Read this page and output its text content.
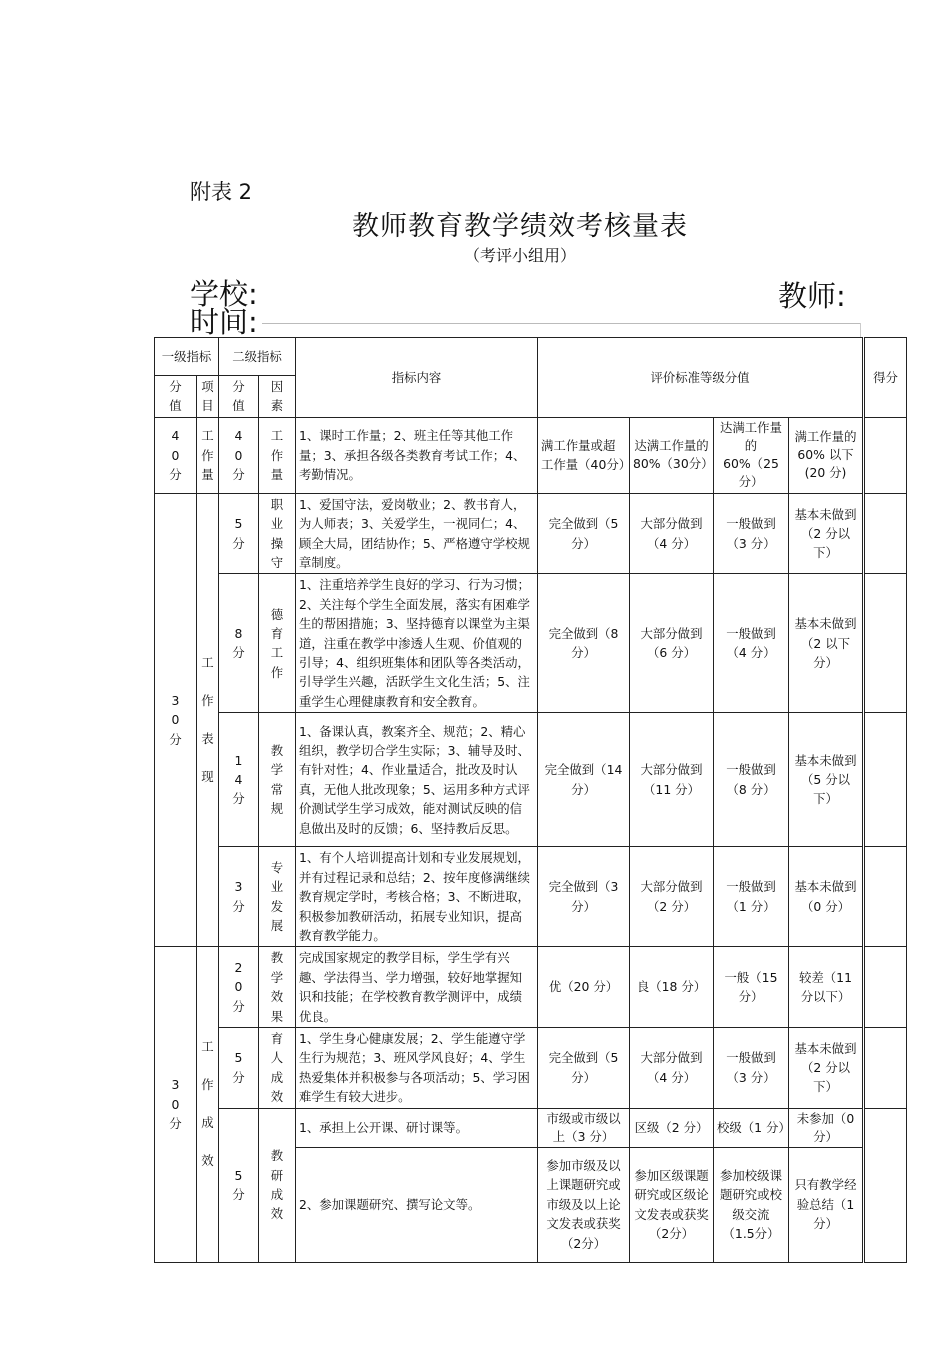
附表 2
教师教育教学绩效考核量表
（考评小组用）
学校:	教师:
时间:
一级指标		二级指标		指标内容	评价标准等级分值				得分
分值	项目	分值	因素						
40分	工作量	40分	工作量	1、课时工作量；2、班主任等其他工作量；3、承担各级各类教育考试工作；4、考勤情况。	满工作量或超工作量（40分）	达满工作量的80%（30分）	达满工作量的60%（25 分）	满工作量的60% 以下(20 分)	
30分	工作表现	5分	职业操守	1、爱国守法，爱岗敬业；2、教书育人，为人师表；3、关爱学生，一视同仁；4、顾全大局，团结协作；5、严格遵守学校规章制度。	完全做到（5 分）	大部分做到（4 分）	一般做到（3 分）	基本未做到（2 分以下）	
		8分	德育工作	1、注重培养学生良好的学习、行为习惯；2、关注每个学生全面发展，落实有困难学生的帮困措施；3、坚持德育以课堂为主渠道，注重在教学中渗透人生观、价值观的引导；4、组织班集体和团队等各类活动，引导学生兴趣，活跃学生文化生活；5、注重学生心理健康教育和安全教育。	完全做到（8 分）	大部分做到（6 分）	一般做到（4 分）	基本未做到（2 以下分）	
		14分	教学常规	1、备课认真，教案齐全、规范；2、精心组织，教学切合学生实际；3、辅导及时、有针对性；4、作业量适合，批改及时认真，无他人批改现象；5、运用多种方式评价测试学生学习成效，能对测试反映的信息做出及时的反馈；6、坚持教后反思。	完全做到（14 分）	大部分做到（11 分）	一般做到（8 分）	基本未做到（5 分以下）	
		3分	专业发展	1、有个人培训提高计划和专业发展规划，并有过程记录和总结；2、按年度修满继续教育规定学时，考核合格；3、不断进取，积极参加教研活动，拓展专业知识，提高教育教学能力。	完全做到（3 分）	大部分做到（2 分）	一般做到（1 分）	基本未做到（0 分）	
30分	工作成效	20分	教学效果	完成国家规定的教学目标，学生学有兴趣、学法得当、学力增强，较好地掌握知识和技能；在学校教育教学测评中，成绩优良。	优（20 分）	良（18 分）	一般（15 分）	较差（11 分以下）	
		5分	育人成效	1、学生身心健康发展；2、学生能遵守学生行为规范；3、班风学风良好；4、学生热爱集体并积极参与各项活动；5、学习困难学生有较大进步。	完全做到（5 分）	大部分做到（4 分）	一般做到（3 分）	基本未做到（2 分以下）	
		5分	教研成效	1、承担上公开课、研讨课等。	市级或市级以上（3 分）	区级（2 分）	校级（1 分）	未参加（0分）	
				2、参加课题研究、撰写论文等。	参加市级及以上课题研究或市级及以上论文发表或获奖（2分）	参加区级课题研究或区级论文发表或获奖（2分）	参加校级课题研究或校级交流（1.5分）	只有教学经验总结（1 分）	
